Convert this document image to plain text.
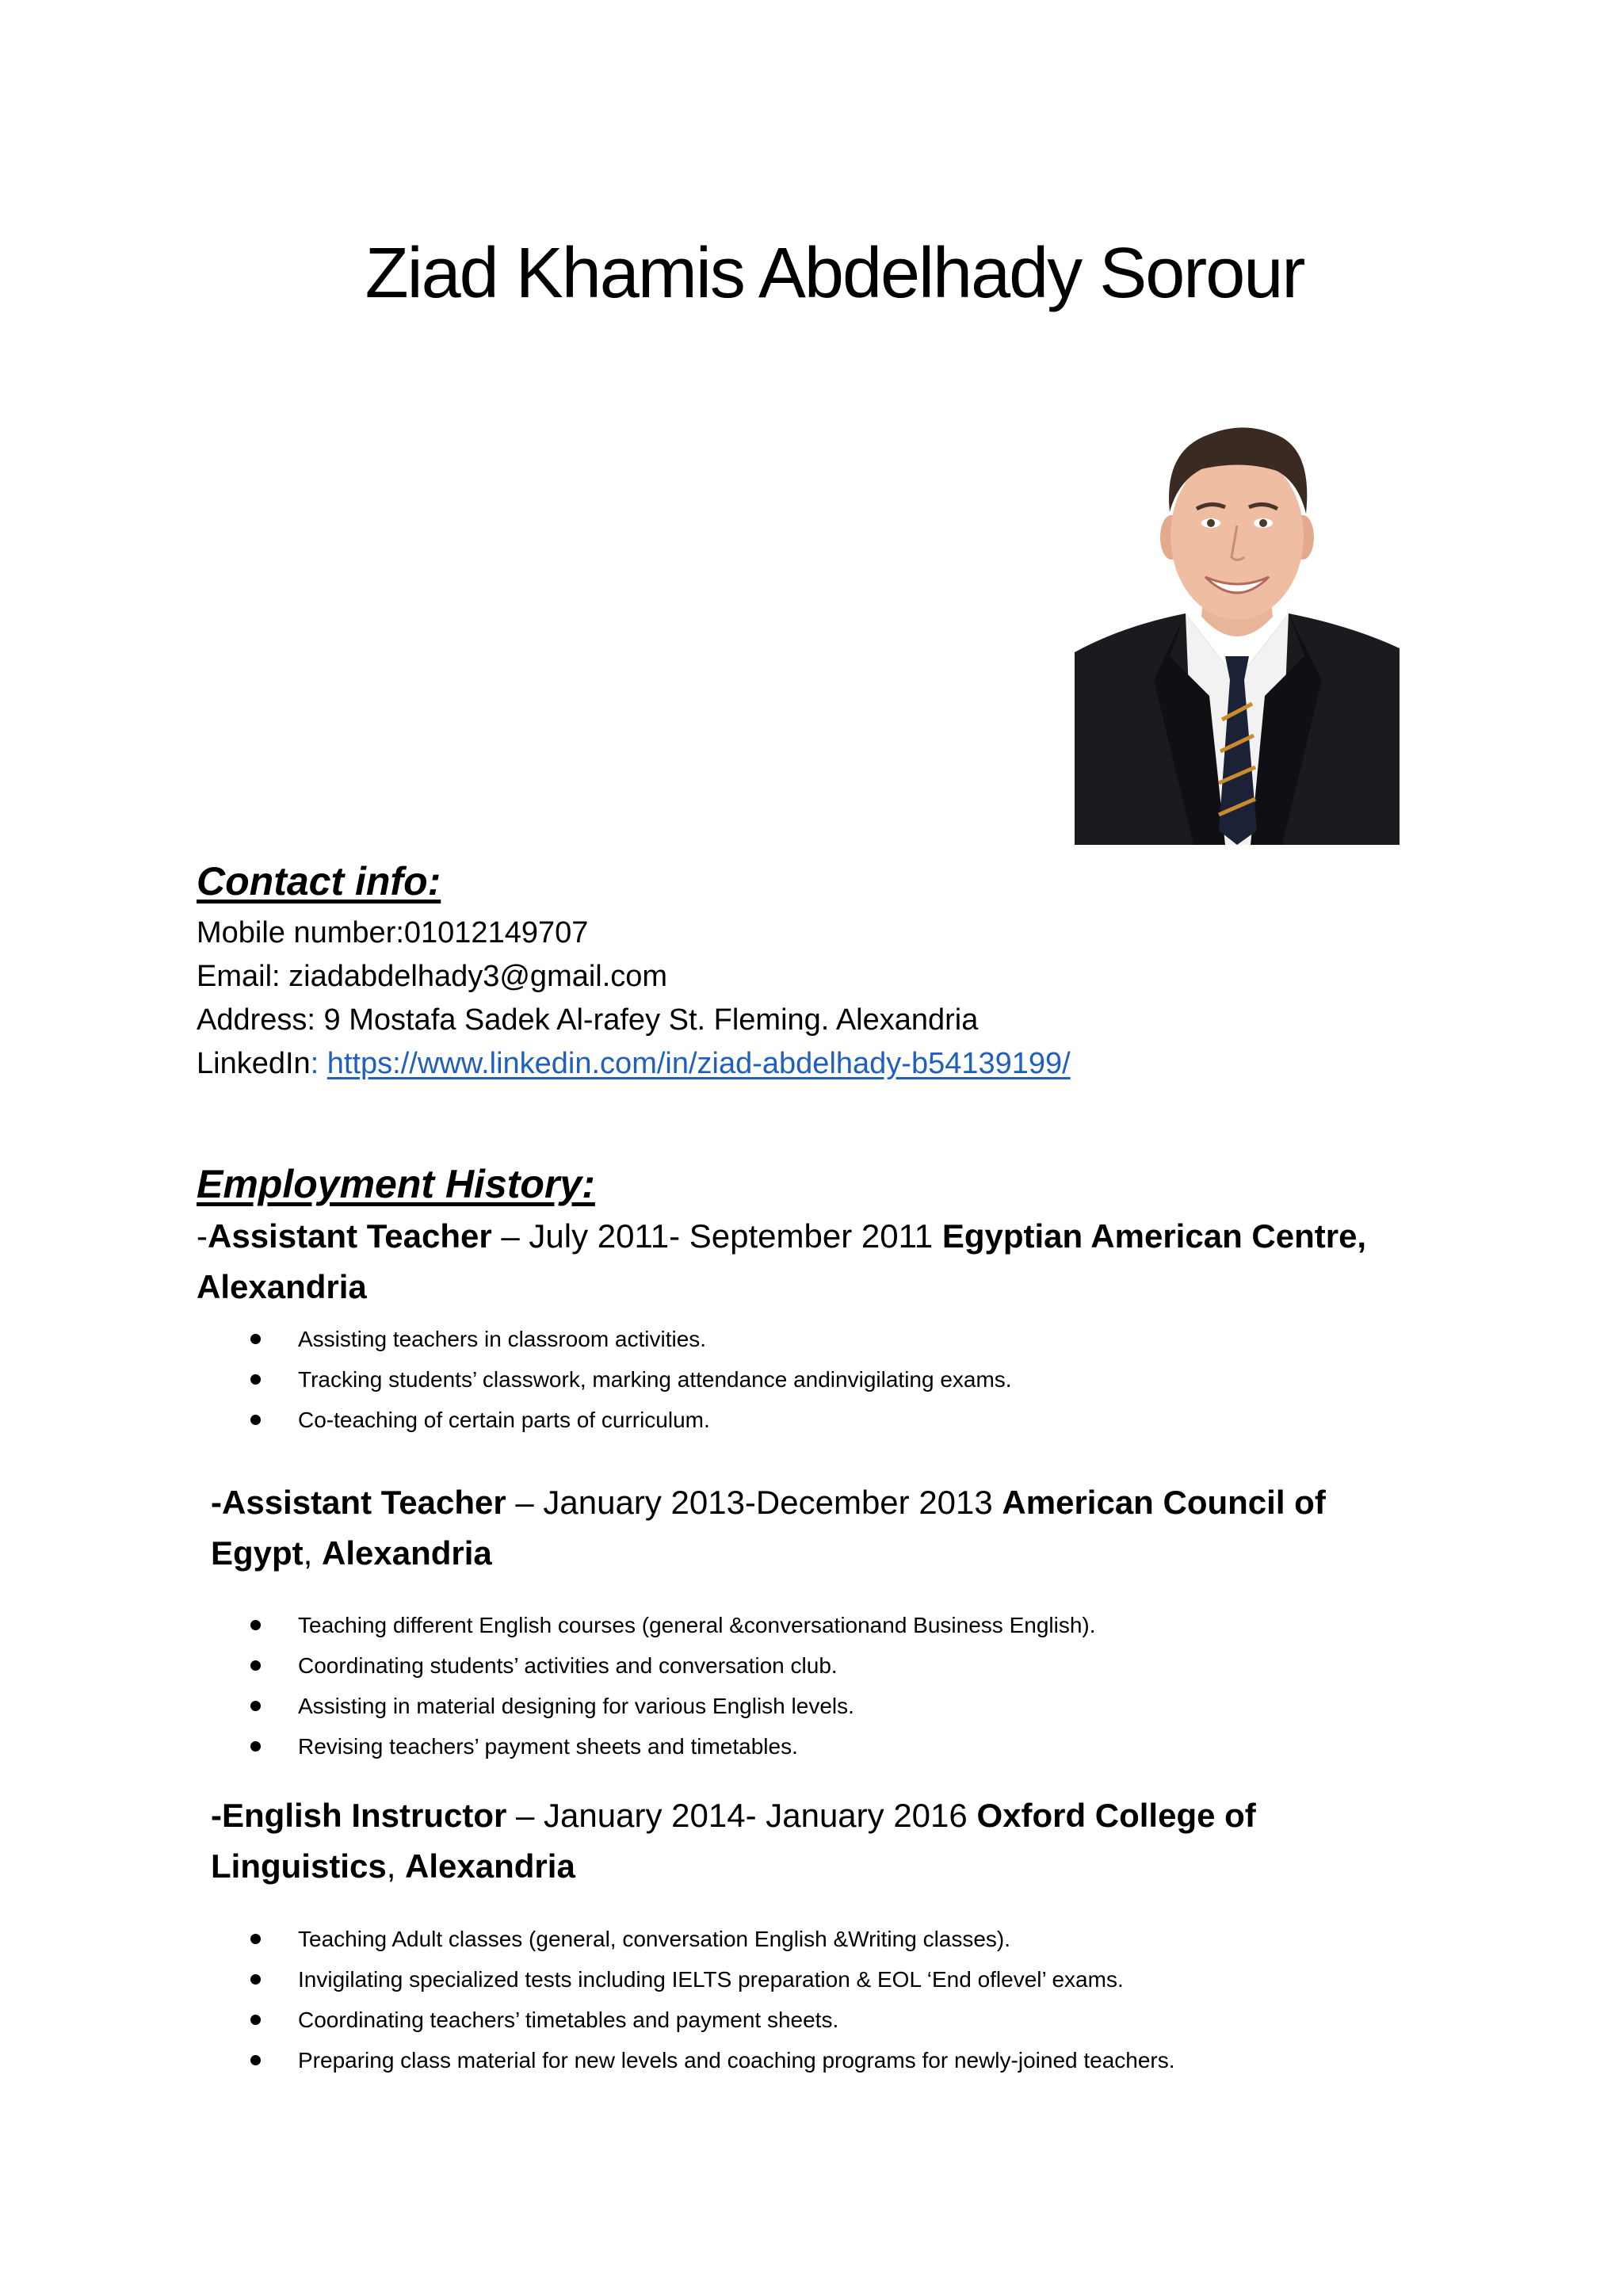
Ziad Khamis Abdelhady Sorour
Contact info:
Mobile number:01012149707
Email: ziadabdelhady3@gmail.com
Address: 9 Mostafa Sadek Al-rafey St. Fleming. Alexandria
LinkedIn: https://www.linkedin.com/in/ziad-abdelhady-b54139199/
Employment History:
-Assistant Teacher – July 2011- September 2011 Egyptian American Centre, Alexandria
Assisting teachers in classroom activities.
Tracking students’ classwork, marking attendance andinvigilating exams.
Co-teaching of certain parts of curriculum.
-Assistant Teacher – January 2013-December 2013 American Council of Egypt, Alexandria
Teaching different English courses (general &conversationand Business English).
Coordinating students’ activities and conversation club.
Assisting in material designing for various English levels.
Revising teachers’ payment sheets and timetables.
-English Instructor – January 2014- January 2016 Oxford College of Linguistics, Alexandria
Teaching Adult classes (general, conversation English &Writing classes).
Invigilating specialized tests including IELTS preparation & EOL ‘End oflevel’ exams.
Coordinating teachers’ timetables and payment sheets.
Preparing class material for new levels and coaching programs for newly-joined teachers.
